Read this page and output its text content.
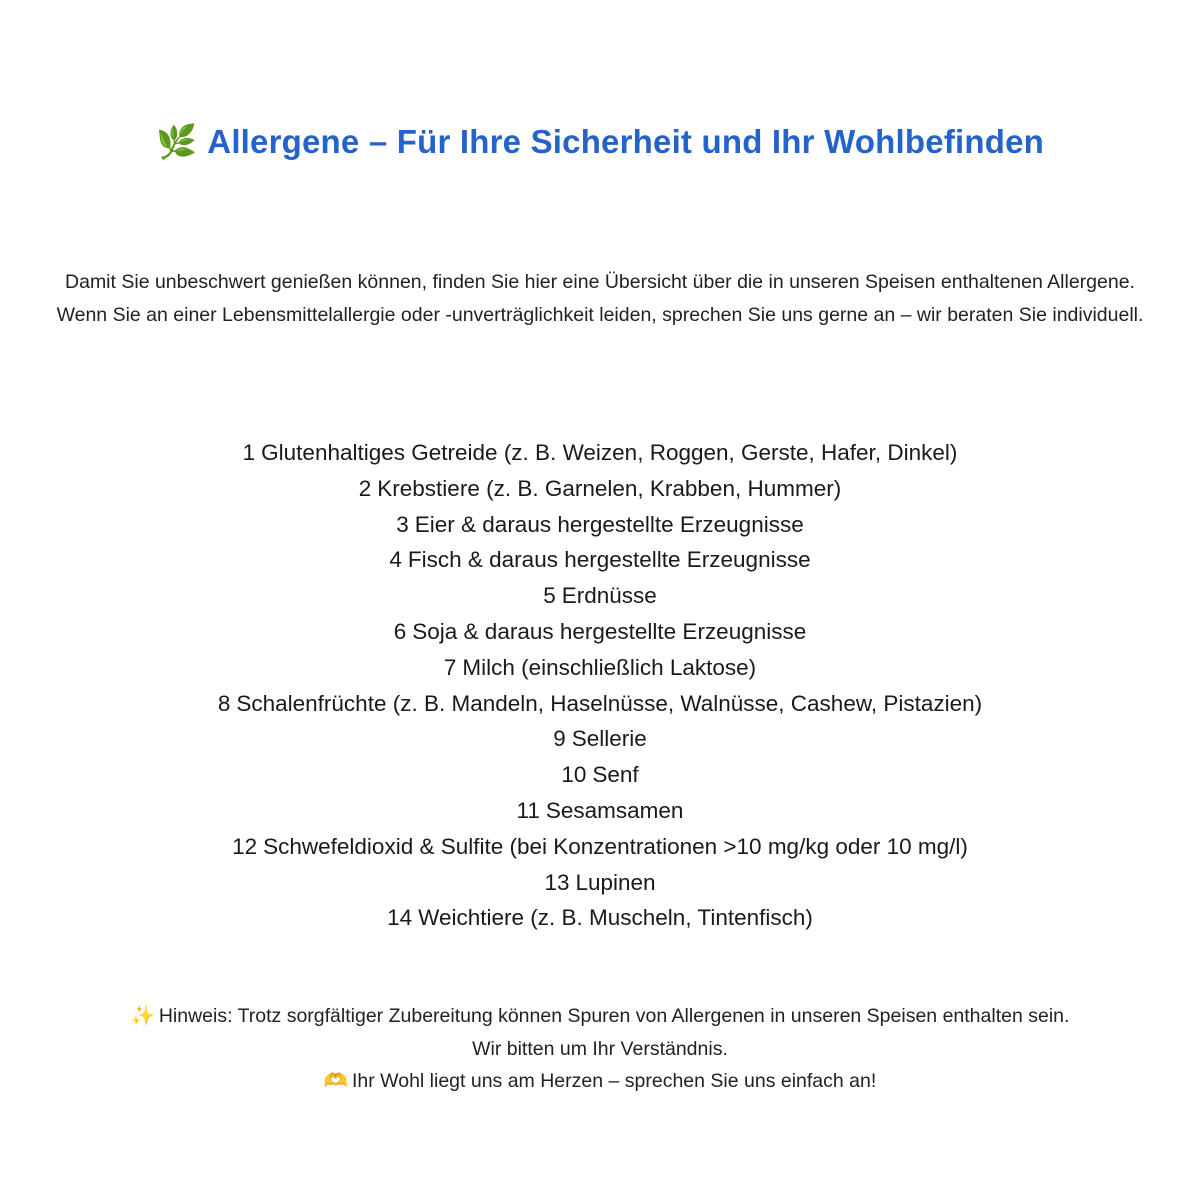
🌿 Allergene – Für Ihre Sicherheit und Ihr Wohlbefinden

Damit Sie unbeschwert genießen können, finden Sie hier eine Übersicht über die in unseren Speisen enthaltenen Allergene. Wenn Sie an einer Lebensmittelallergie oder -unverträglichkeit leiden, sprechen Sie uns gerne an – wir beraten Sie individuell.

1 Glutenhaltiges Getreide (z. B. Weizen, Roggen, Gerste, Hafer, Dinkel)
2 Krebstiere (z. B. Garnelen, Krabben, Hummer)
3 Eier & daraus hergestellte Erzeugnisse
4 Fisch & daraus hergestellte Erzeugnisse
5 Erdnüsse
6 Soja & daraus hergestellte Erzeugnisse
7 Milch (einschließlich Laktose)
8 Schalenfrüchte (z. B. Mandeln, Haselnüsse, Walnüsse, Cashew, Pistazien)
9 Sellerie
10 Senf
11 Sesamsamen
12 Schwefeldioxid & Sulfite (bei Konzentrationen >10 mg/kg oder 10 mg/l)
13 Lupinen
14 Weichtiere (z. B. Muscheln, Tintenfisch)
✨ Hinweis: Trotz sorgfältiger Zubereitung können Spuren von Allergenen in unseren Speisen enthalten sein.
Wir bitten um Ihr Verständnis.
🫶 Ihr Wohl liegt uns am Herzen – sprechen Sie uns einfach an!
